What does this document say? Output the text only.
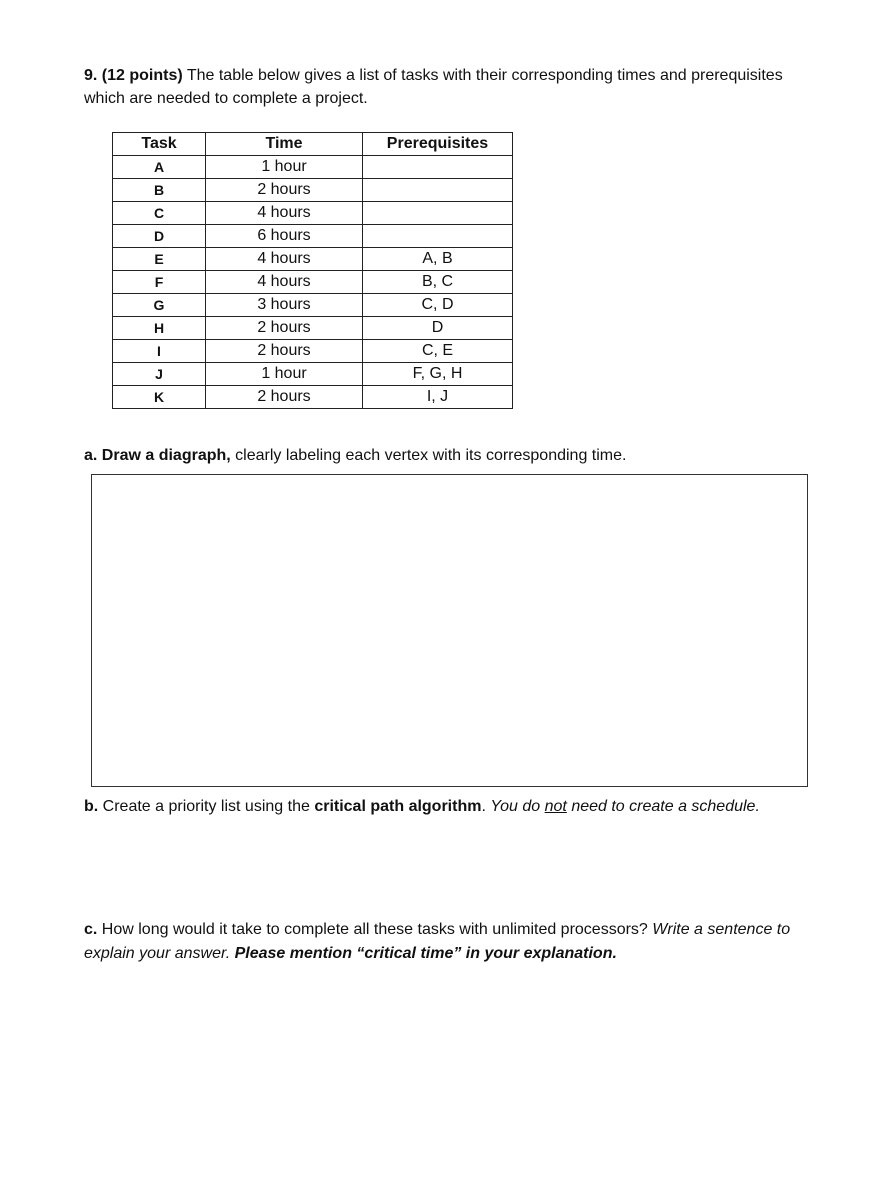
9. (12 points) The table below gives a list of tasks with their corresponding times and prerequisites which are needed to complete a project.
Task	Time	Prerequisites
A	1 hour	
B	2 hours	
C	4 hours	
D	6 hours	
E	4 hours	A, B
F	4 hours	B, C
G	3 hours	C, D
H	2 hours	D
I	2 hours	C, E
J	1 hour	F, G, H
K	2 hours	I, J
a. Draw a diagraph, clearly labeling each vertex with its corresponding time.
b. Create a priority list using the critical path algorithm. You do not need to create a schedule.
c. How long would it take to complete all these tasks with unlimited processors? Write a sentence to explain your answer. Please mention “critical time” in your explanation.
